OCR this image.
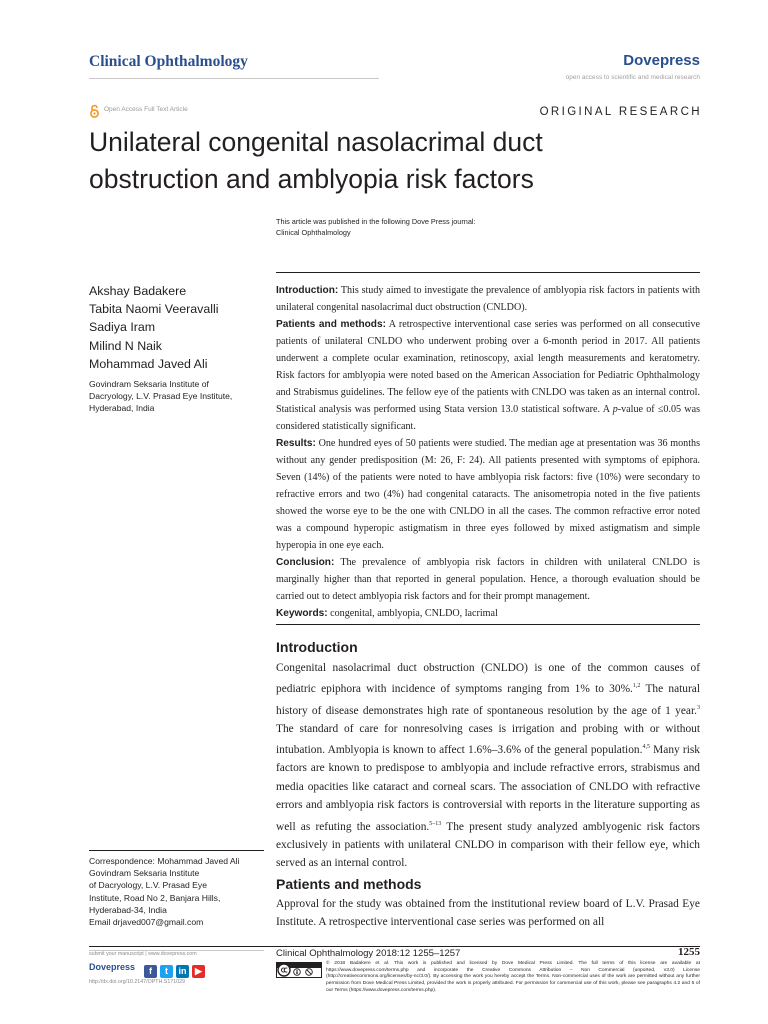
Clinical Ophthalmology	Dovepress
open access to scientific and medical research
Open Access Full Text Article	ORIGINAL RESEARCH
Unilateral congenital nasolacrimal duct
obstruction and amblyopia risk factors
This article was published in the following Dove Press journal:
Clinical Ophthalmology
Akshay Badakere
Tabita Naomi Veeravalli
Sadiya Iram
Milind N Naik
Mohammad Javed Ali
Govindram Seksaria Institute of
Dacryology, L.V. Prasad Eye Institute,
Hyderabad, India

Introduction: This study aimed to investigate the prevalence of amblyopia risk factors in patients with unilateral congenital nasolacrimal duct obstruction (CNLDO).

Patients and methods: A retrospective interventional case series was performed on all consecutive patients of unilateral CNLDO who underwent probing over a 6-month period in 2017. All patients underwent a complete ocular examination, retinoscopy, axial length measurements and keratometry. Risk factors for amblyopia were noted based on the American Association for Pediatric Ophthalmology and Strabismus guidelines. The fellow eye of the patients with CNLDO was taken as an internal control. Statistical analysis was performed using Stata version 13.0 statistical software. A p-value of ≤0.05 was considered statistically significant.

Results: One hundred eyes of 50 patients were studied. The median age at presentation was 36 months without any gender predisposition (M: 26, F: 24). All patients presented with symptoms of epiphora. Seven (14%) of the patients were noted to have amblyopia risk factors: five (10%) were secondary to refractive errors and two (4%) had congenital cataracts. The anisometropia noted in the five patients showed the worse eye to be the one with CNLDO in all the cases. The common refractive error noted was a compound hyperopic astigmatism in three eyes followed by mixed astigmatism and simple hyperopia in one eye each.

Conclusion: The prevalence of amblyopia risk factors in children with unilateral CNLDO is marginally higher than that reported in general population. Hence, a thorough evaluation should be carried out to detect amblyopia risk factors and for their prompt management.

Keywords: congenital, amblyopia, CNLDO, lacrimal

Introduction
Congenital nasolacrimal duct obstruction (CNLDO) is one of the common causes of pediatric epiphora with incidence of symptoms ranging from 1% to 30%.$^{1,2}$ The natural history of disease demonstrates high rate of spontaneous resolution by the age of 1 year.$^3$ The standard of care for nonresolving cases is irrigation and probing with or without intubation. Amblyopia is known to affect 1.6%–3.6% of the general population.$^{4,5}$ Many risk factors are known to predispose to amblyopia and include refractive errors, strabismus and media opacities like cataract and corneal scars. The association of CNLDO with refractive errors and amblyopia risk factors is controversial with reports in the literature supporting as well as refuting the association.$^{5-13}$ The present study analyzed amblyogenic risk factors exclusively in patients with unilateral CNLDO in comparison with their fellow eye, which served as an internal control.
Patients and methods
Approval for the study was obtained from the institutional review board of L.V. Prasad Eye Institute. A retrospective interventional case series was performed on all
Correspondence: Mohammad Javed Ali
Govindram Seksaria Institute
of Dacryology, L.V. Prasad Eye
Institute, Road No 2, Banjara Hills,
Hyderabad-34, India
Email drjaved007@gmail.com
submit your manuscript | www.dovepress.com
Dovepress	f t in ▶
http://dx.doi.org/10.2147/OPTH.S171029
Clinical Ophthalmology 2018:12 1255–1257	1255
© 2018 Badakere et al. This work is published and licensed by Dove Medical Press Limited. The full terms of this license are available at https://www.dovepress.com/terms.php and incorporate the Creative Commons Attribution – Non Commercial (unported, v3.0) License (http://creativecommons.org/licenses/by-nc/3.0/). By accessing the work you hereby accept the Terms. Non-commercial uses of the work are permitted without any further permission from Dove Medical Press Limited, provided the work is properly attributed. For permission for commercial use of this work, please see paragraphs 4.2 and 5 of our Terms (https://www.dovepress.com/terms.php).
